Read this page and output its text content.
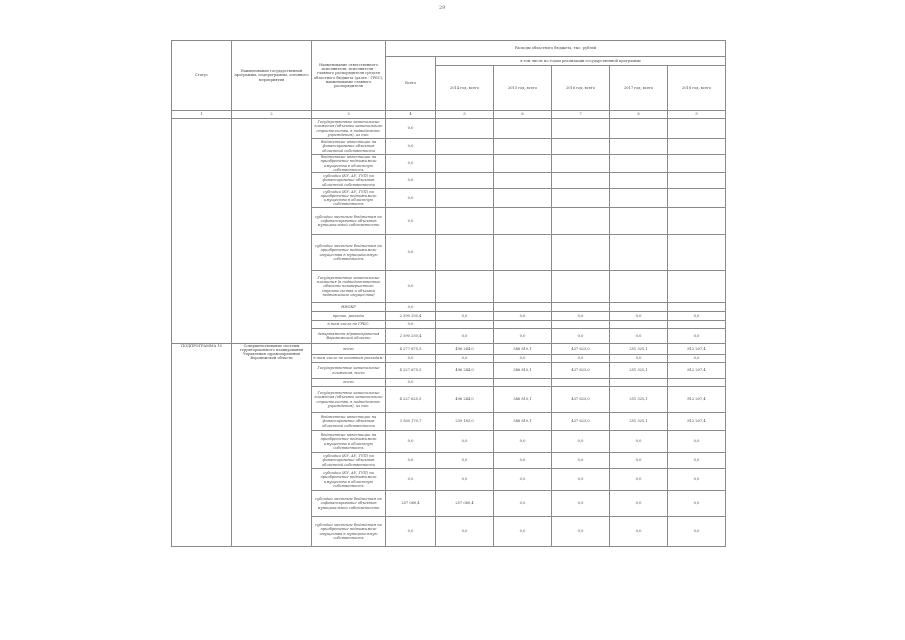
29
Статус	Наименование государственной программы, подпрограммы, основного мероприятия	Наименование ответственного исполнителя, исполнителя - главного распорядителя средств областного бюджета (далее - ГРБС), наименование главного распорядителя	Расходы областного бюджета, тыс. рублей					
			Всего	в том числе по годам реализации государственной программы				
				2014 год, всего	2015 год, всего	2016 год, всего	2017 год, всего	2018 год, всего
1	2	3	4	5	6	7	8	9
		Государственные капитальные вложения (объекты капитального строительства, в подведомств. учреждения), из них:	0,0					
		бюджетные инвестиции на финансирование объектов областной собственности	0,0					
		бюджетные инвестиции на приобретение недвижимого имущества в областную собственность	0,0					
		субсидии (КУ, АУ, ГУП) на финансирование объектов областной собственности	0,0					
		субсидии (КУ, АУ, ГУП) на приобретение недвижимого имущества в областную собственность	0,0					
		субсидии местным бюджетам на софинансирование объектов муниципальной собственности	0,0					
		субсидии местным бюджетам на приобретение недвижимого имущества в муниципальную собственность	0,0					
		Государственные капитальные вложения (в подведомственные объекты незавершенного строительства и объекты недвижимого имущества)	0,0					
		НИОКР	0,0					
		прочие, расходы	2 590 250,4	0,0	0,0	0,0	0,0	0,0
		в том числе по ГРБС:	0,0					
		департамент здравоохранения Воронежской области	2 590 250,4	0,0	0,0	0,0	0,0	0,0
ПОДПРОГРАММА 10	Совершенствование системы территориального планирования Управления здравоохранения Воронежской области	всего	4 277 675,5	496 244,0	546 810,1	437 623,0	251 325,1	812 207,4
		в том числе по основным расходам:	0,0	0,0	0,0	0,0	0,0	0,0
		Государственные капитальные вложения, всего	4 227 675,5	496 244,0	546 810,1	437 623,0	251 325,1	812 207,4
		всего	0,0					
		Государственные капитальные вложения (объекты капитального строительства, в подведомств. учреждения), из них:	4 227 625,5	496 244,0	546 810,1	437 623,0	251 325,1	812 207,4
		бюджетные инвестиции на финансирование объектов областной собственности	3 560 170,7	239 183,0	546 810,1	437 623,0	251 325,1	812 207,4
		бюджетные инвестиции на приобретение недвижимого имущества в областную собственность	0,0	0,0	0,0	0,0	0,0	0,0
		субсидии (КУ, АУ, ГУП) на финансирование объектов областной собственности	0,0	0,0	0,0	0,0	0,0	0,0
		субсидии (КУ, АУ, ГУП) на приобретение недвижимого имущества в областную собственность	0,0	0,0	0,0	0,0	0,0	0,0
		субсидии местным бюджетам на софинансирование объектов муниципальной собственности	257 060,4	257 060,4	0,0	0,0	0,0	0,0
		субсидии местным бюджетам на приобретение недвижимого имущества в муниципальную собственность	0,0	0,0	0,0	0,0	0,0	0,0
